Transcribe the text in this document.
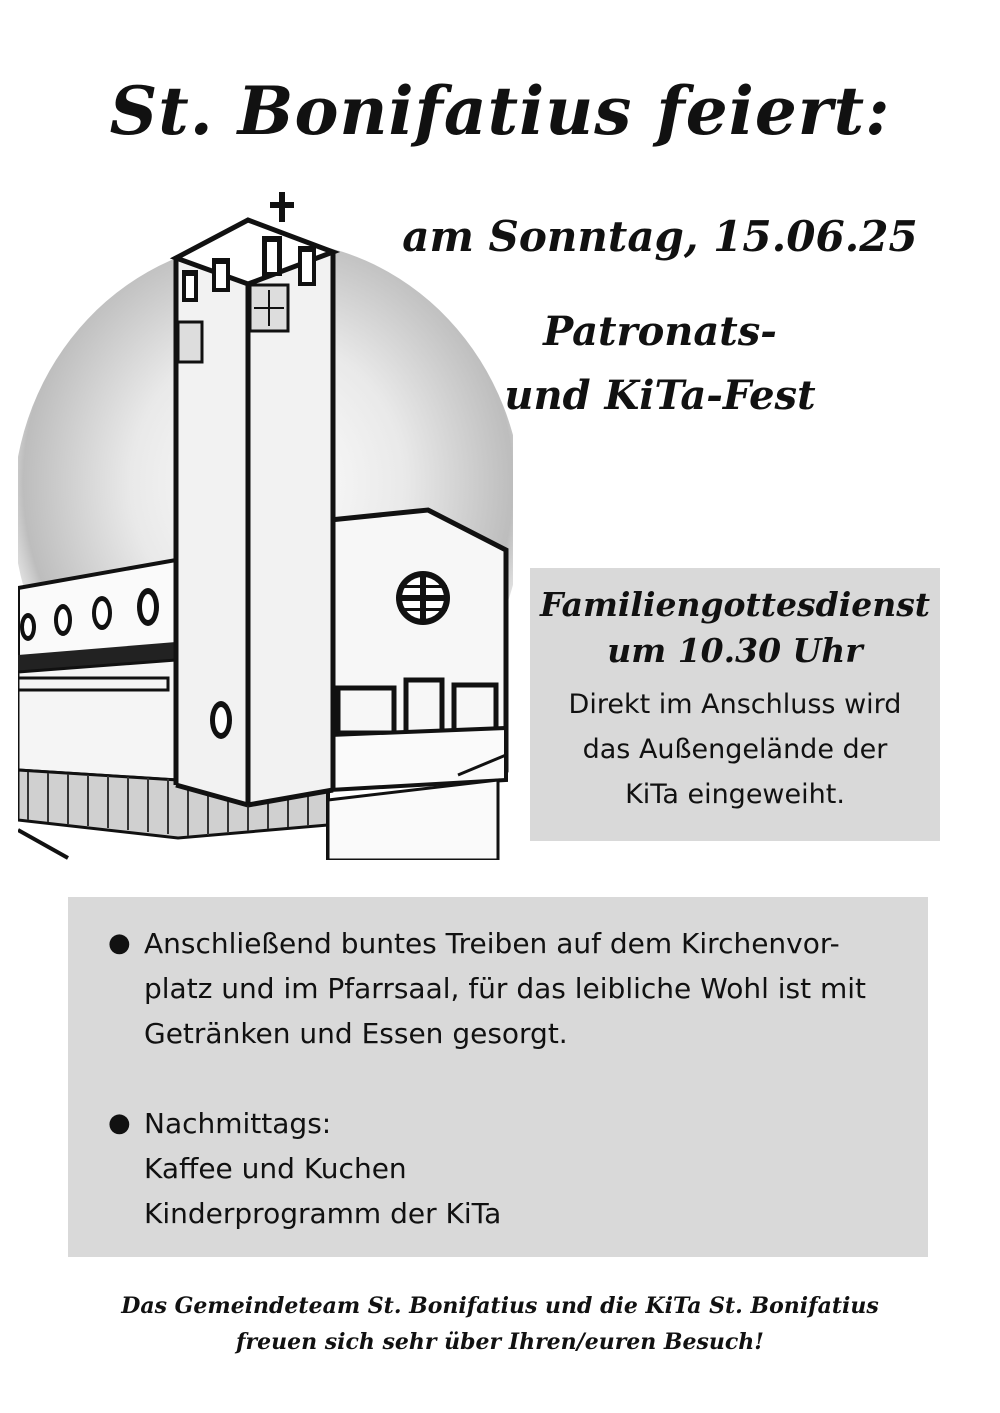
St. Bonifatius feiert:

am Sonntag, 15.06.25

Patronats-
und KiTa-Fest
Familiengottesdienst
um 10.30 Uhr
Direkt im Anschluss wird
das Außengelände der
KiTa eingeweiht.
● Anschließend buntes Treiben auf dem Kirchenvor-
platz und im Pfarrsaal, für das leibliche Wohl ist mit
Getränken und Essen gesorgt.
● Nachmittags:
Kaffee und Kuchen
Kinderprogramm der KiTa
Das Gemeindeteam St. Bonifatius und die KiTa St. Bonifatius
freuen sich sehr über Ihren/euren Besuch!
